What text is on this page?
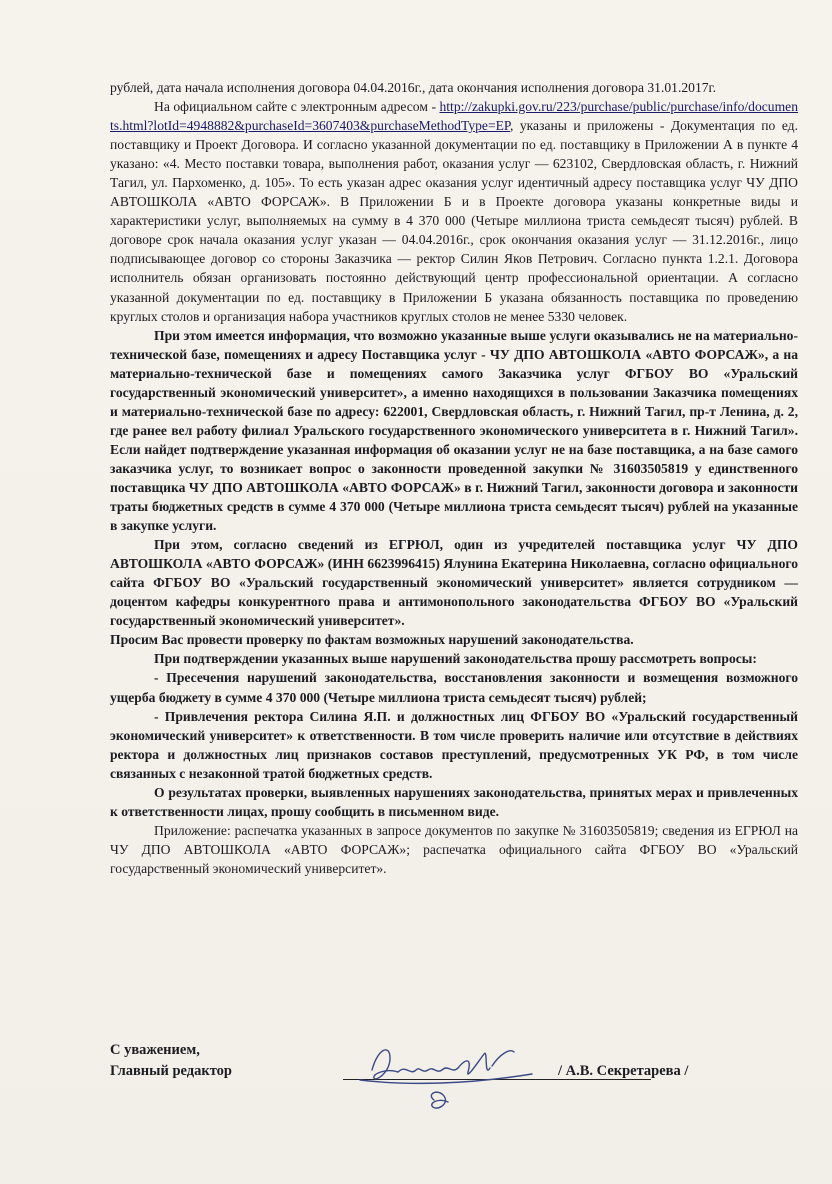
рублей, дата начала исполнения договора 04.04.2016г., дата окончания исполнения договора 31.01.2017г.

На официальном сайте с электронным адресом - http://zakupki.gov.ru/223/purchase/public/purchase/info/documents.html?lotId=4948882&purchaseId=3607403&purchaseMethodType=EP, указаны и приложены - Документация по ед. поставщику и Проект Договора. И согласно указанной документации по ед. поставщику в Приложении А в пункте 4 указано: «4. Место поставки товара, выполнения работ, оказания услуг — 623102, Свердловская область, г. Нижний Тагил, ул. Пархоменко, д. 105». То есть указан адрес оказания услуг идентичный адресу поставщика услуг ЧУ ДПО АВТОШКОЛА «АВТО ФОРСАЖ». В Приложении Б и в Проекте договора указаны конкретные виды и характеристики услуг, выполняемых на сумму в 4 370 000 (Четыре миллиона триста семьдесят тысяч) рублей. В договоре срок начала оказания услуг указан — 04.04.2016г., срок окончания оказания услуг — 31.12.2016г., лицо подписывающее договор со стороны Заказчика — ректор Силин Яков Петрович. Согласно пункта 1.2.1. Договора исполнитель обязан организовать постоянно действующий центр профессиональной ориентации. А согласно указанной документации по ед. поставщику в Приложении Б указана обязанность поставщика по проведению круглых столов и организация набора участников круглых столов не менее 5330 человек.

При этом имеется информация, что возможно указанные выше услуги оказывались не на материально-технической базе, помещениях и адресу Поставщика услуг - ЧУ ДПО АВТОШКОЛА «АВТО ФОРСАЖ», а на материально-технической базе и помещениях самого Заказчика услуг ФГБОУ ВО «Уральский государственный экономический университет», а именно находящихся в пользовании Заказчика помещениях и материально-технической базе по адресу: 622001, Свердловская область, г. Нижний Тагил, пр-т Ленина, д. 2, где ранее вел работу филиал Уральского государственного экономического университета в г. Нижний Тагил». Если найдет подтверждение указанная информация об оказании услуг не на базе поставщика, а на базе самого заказчика услуг, то возникает вопрос о законности проведенной закупки № 31603505819 у единственного поставщика ЧУ ДПО АВТОШКОЛА «АВТО ФОРСАЖ» в г. Нижний Тагил, законности договора и законности траты бюджетных средств в сумме 4 370 000 (Четыре миллиона триста семьдесят тысяч) рублей на указанные в закупке услуги.

При этом, согласно сведений из ЕГРЮЛ, один из учредителей поставщика услуг ЧУ ДПО АВТОШКОЛА «АВТО ФОРСАЖ» (ИНН 6623996415) Ялунина Екатерина Николаевна, согласно официального сайта ФГБОУ ВО «Уральский государственный экономический университет» является сотрудником — доцентом кафедры конкурентного права и антимонопольного законодательства ФГБОУ ВО «Уральский государственный экономический университет».

Просим Вас провести проверку по фактам возможных нарушений законодательства.

При подтверждении указанных выше нарушений законодательства прошу рассмотреть вопросы:

- Пресечения нарушений законодательства, восстановления законности и возмещения возможного ущерба бюджету в сумме 4 370 000 (Четыре миллиона триста семьдесят тысяч) рублей;

- Привлечения ректора Силина Я.П. и должностных лиц ФГБОУ ВО «Уральский государственный экономический университет» к ответственности. В том числе проверить наличие или отсутствие в действиях ректора и должностных лиц признаков составов преступлений, предусмотренных УК РФ, в том числе связанных с незаконной тратой бюджетных средств.

О результатах проверки, выявленных нарушениях законодательства, принятых мерах и привлеченных к ответственности лицах, прошу сообщить в письменном виде.

Приложение: распечатка указанных в запросе документов по закупке № 31603505819; сведения из ЕГРЮЛ на ЧУ ДПО АВТОШКОЛА «АВТО ФОРСАЖ»; распечатка официального сайта ФГБОУ ВО «Уральский государственный экономический университет».

С уважением,
Главный редактор	/ А.В. Секретарева /
